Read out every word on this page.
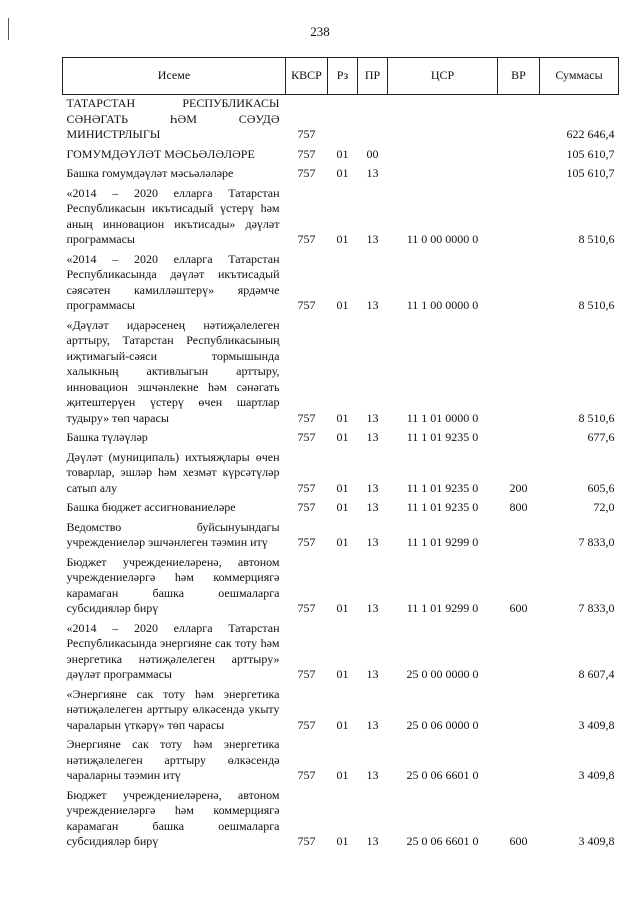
238
Исеме	КВСР	Рз	ПР	ЦСР	ВР	Суммасы
ТАТАРСТАН РЕСПУБЛИКАСЫ СӘНӘГАТЬ ҺӘМ СӘУДӘ МИНИСТРЛЫГЫ	757					622 646,4
ГОМУМДӘҮЛӘТ МӘСЬӘЛӘЛӘРЕ	757	01	00			105 610,7
Башка гомумдәүләт мәсьәләләре	757	01	13			105 610,7
«2014 – 2020 елларга Татарстан Республикасын икътисадый үстерү һәм аның инновацион икътисады» дәүләт программасы	757	01	13	11 0 00 0000 0		8 510,6
«2014 – 2020 елларга Татарстан Республикасында дәүләт икътисадый сәясәтен камилләштерү» ярдәмче программасы	757	01	13	11 1 00 0000 0		8 510,6
«Дәүләт идарәсенең нәтиҗәлелеген арттыру, Татарстан Республикасының иҗтимагый-сәяси тормышында халыкның активлыгын арттыру, инновацион эшчәнлекне һәм сәнәгать җитештерүен үстерү өчен шартлар тудыру» төп чарасы	757	01	13	11 1 01 0000 0		8 510,6
Башка түләүләр	757	01	13	11 1 01 9235 0		677,6
Дәүләт (муниципаль) ихтыяҗлары өчен товарлар, эшләр һәм хезмәт күрсәтүләр сатып алу	757	01	13	11 1 01 9235 0	200	605,6
Башка бюджет ассигнованиеләре	757	01	13	11 1 01 9235 0	800	72,0
Ведомство буйсынуындагы учреждениеләр эшчәнлеген тәэмин итү	757	01	13	11 1 01 9299 0		7 833,0
Бюджет учреждениеләренә, автоном учреждениеләргә һәм коммерциягә карамаган башка оешмаларга субсидияләр бирү	757	01	13	11 1 01 9299 0	600	7 833,0
«2014 – 2020 елларга Татарстан Республикасында энергияне сак тоту һәм энергетика нәтиҗәлелеген арттыру» дәүләт программасы	757	01	13	25 0 00 0000 0		8 607,4
«Энергияне сак тоту һәм энергетика нәтиҗәлелеген арттыру өлкәсендә укыту чараларын үткәрү» төп чарасы	757	01	13	25 0 06 0000 0		3 409,8
Энергияне сак тоту һәм энергетика нәтиҗәлелеген арттыру өлкәсендә чараларны тәэмин итү	757	01	13	25 0 06 6601 0		3 409,8
Бюджет учреждениеләренә, автоном учреждениеләргә һәм коммерциягә карамаган башка оешмаларга субсидияләр бирү	757	01	13	25 0 06 6601 0	600	3 409,8
